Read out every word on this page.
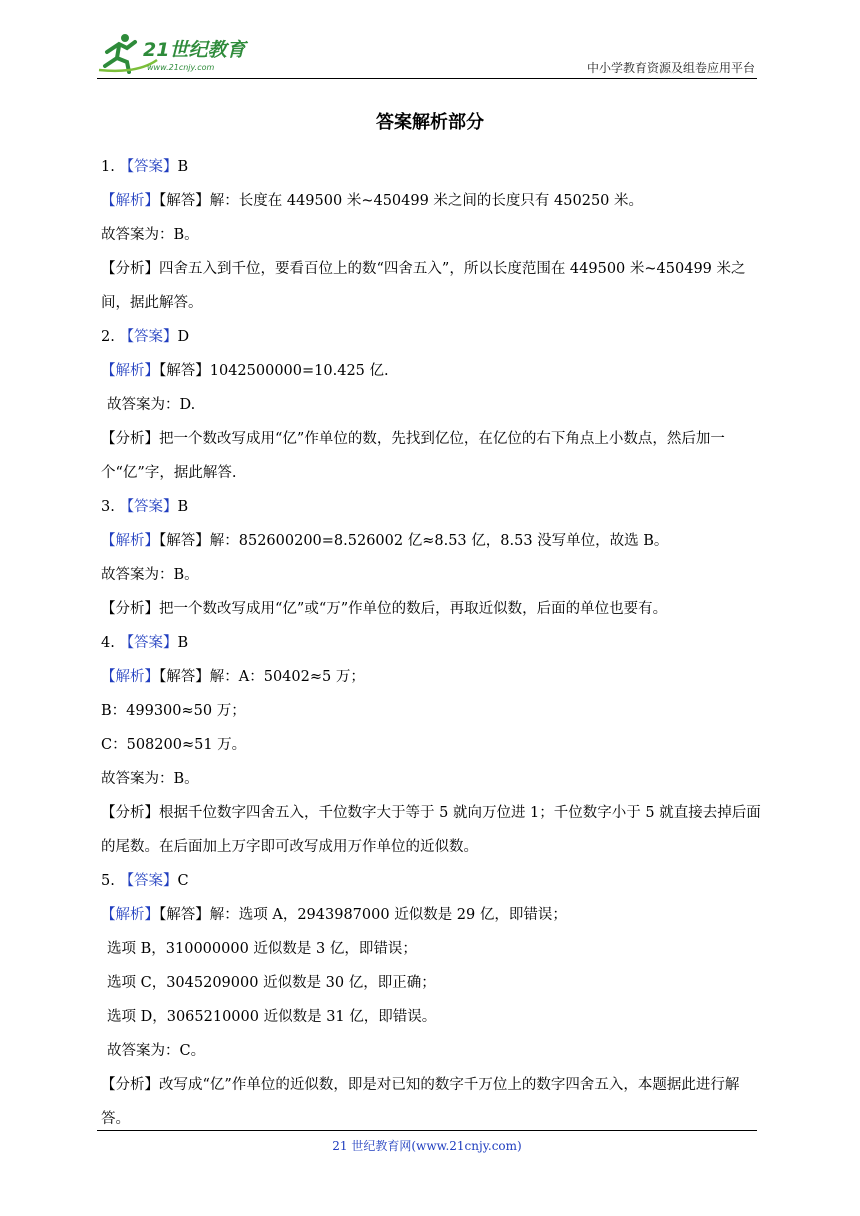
21世纪教育
www.21cnjy.com	中小学教育资源及组卷应用平台
答案解析部分
1. 【答案】B
【解析】【解答】解：长度在 449500 米~450499 米之间的长度只有 450250 米。
故答案为：B。
【分析】四舍五入到千位，要看百位上的数“四舍五入”，所以长度范围在 449500 米~450499 米之间，据此解答。
2. 【答案】D
【解析】【解答】1042500000=10.425 亿.
故答案为：D.
【分析】把一个数改写成用“亿”作单位的数，先找到亿位，在亿位的右下角点上小数点，然后加一个“亿”字，据此解答.
3. 【答案】B
【解析】【解答】解：852600200=8.526002 亿≈8.53 亿，8.53 没写单位，故选 B。
故答案为：B。
【分析】把一个数改写成用“亿”或“万”作单位的数后，再取近似数，后面的单位也要有。
4. 【答案】B
【解析】【解答】解：A：50402≈5 万；
B：499300≈50 万；
C：508200≈51 万。
故答案为：B。
【分析】根据千位数字四舍五入，千位数字大于等于 5 就向万位进 1；千位数字小于 5 就直接去掉后面的尾数。在后面加上万字即可改写成用万作单位的近似数。
5. 【答案】C
【解析】【解答】解：选项 A，2943987000 近似数是 29 亿，即错误；
选项 B，310000000 近似数是 3 亿，即错误；
选项 C，3045209000 近似数是 30 亿，即正确；
选项 D，3065210000 近似数是 31 亿，即错误。
故答案为：C。
【分析】改写成“亿”作单位的近似数，即是对已知的数字千万位上的数字四舍五入，本题据此进行解答。
21 世纪教育网(www.21cnjy.com)
